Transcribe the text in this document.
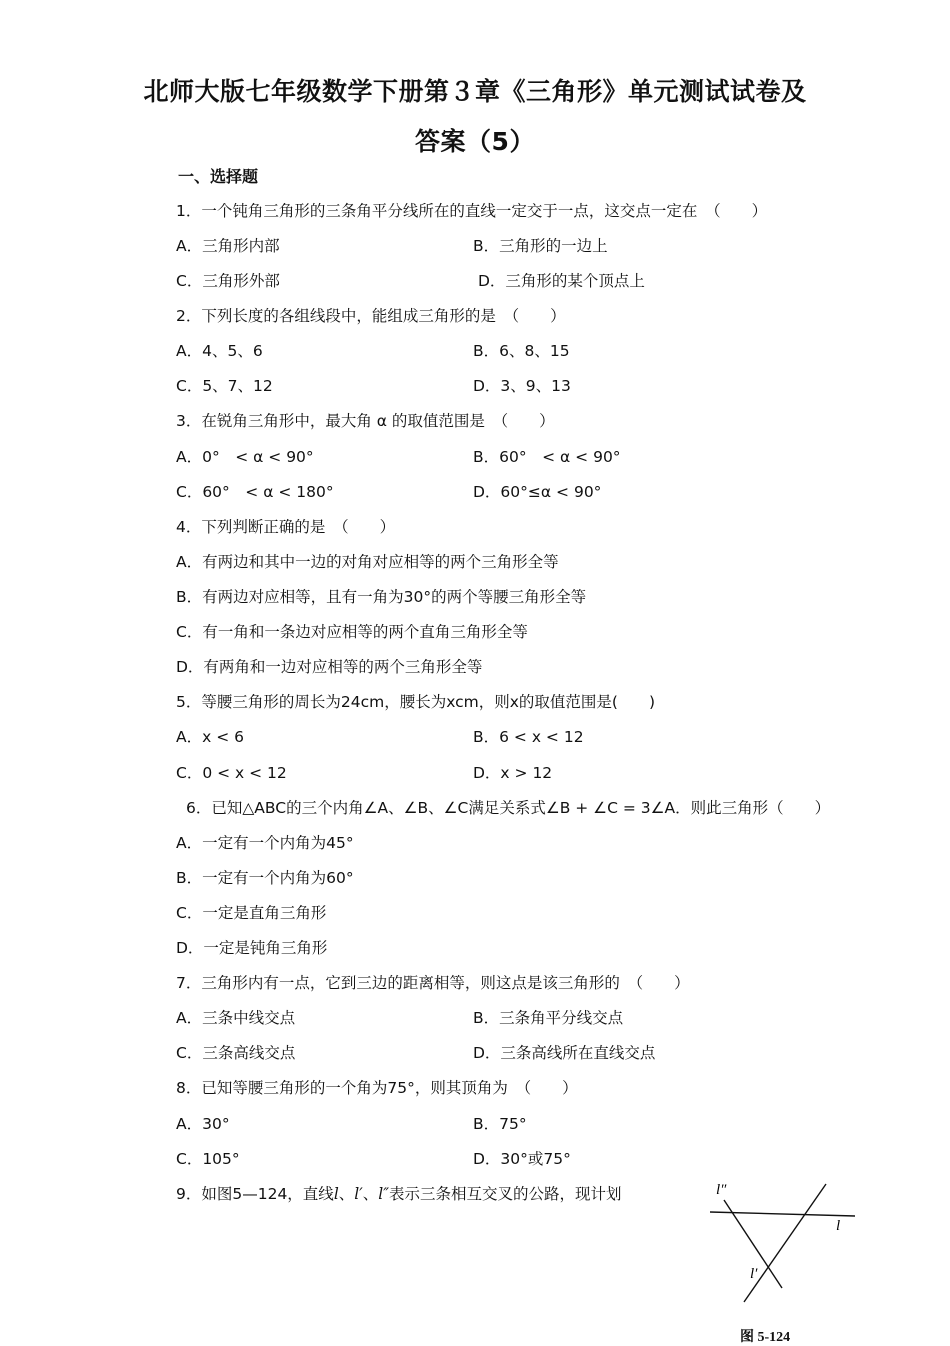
北师大版七年级数学下册第３章《三角形》单元测试试卷及
答案（5）
一、选择题
1．一个钝角三角形的三条角平分线所在的直线一定交于一点，这交点一定在　（　　）
A．三角形内部	B．三角形的一边上
C．三角形外部	D．三角形的某个顶点上
2．下列长度的各组线段中，能组成三角形的是　（　　）
A．4、5、6	B．6、8、15
C．5、7、12	D．3、9、13
3．在锐角三角形中，最大角 α 的取值范围是　（　　）
A．0°　< α < 90°	B．60°　< α < 90°
C．60°　< α < 180°	D．60°≤α < 90°
4．下列判断正确的是　（　　）
A．有两边和其中一边的对角对应相等的两个三角形全等
B．有两边对应相等，且有一角为30°的两个等腰三角形全等
C．有一角和一条边对应相等的两个直角三角形全等
D．有两角和一边对应相等的两个三角形全等
5．等腰三角形的周长为24cm，腰长为xcm，则x的取值范围是(　　)
A．x < 6	B．6 < x < 12
C．0 < x < 12	D．x > 12
6．已知△ABC的三个内角∠A、∠B、∠C满足关系式∠B + ∠C = 3∠A．则此三角形（　　）
A．一定有一个内角为45°
B．一定有一个内角为60°
C．一定是直角三角形
D．一定是钝角三角形
7．三角形内有一点，它到三边的距离相等，则这点是该三角形的　（　　）
A．三条中线交点	B．三条角平分线交点
C．三条高线交点	D．三条高线所在直线交点
8．已知等腰三角形的一个角为75°，则其顶角为　（　　）
A．30°	B．75°
C．105°	D．30°或75°
9．如图5—124，直线l、l′、l″表示三条相互交叉的公路，现计划	l″
l
l′
图 5-124
